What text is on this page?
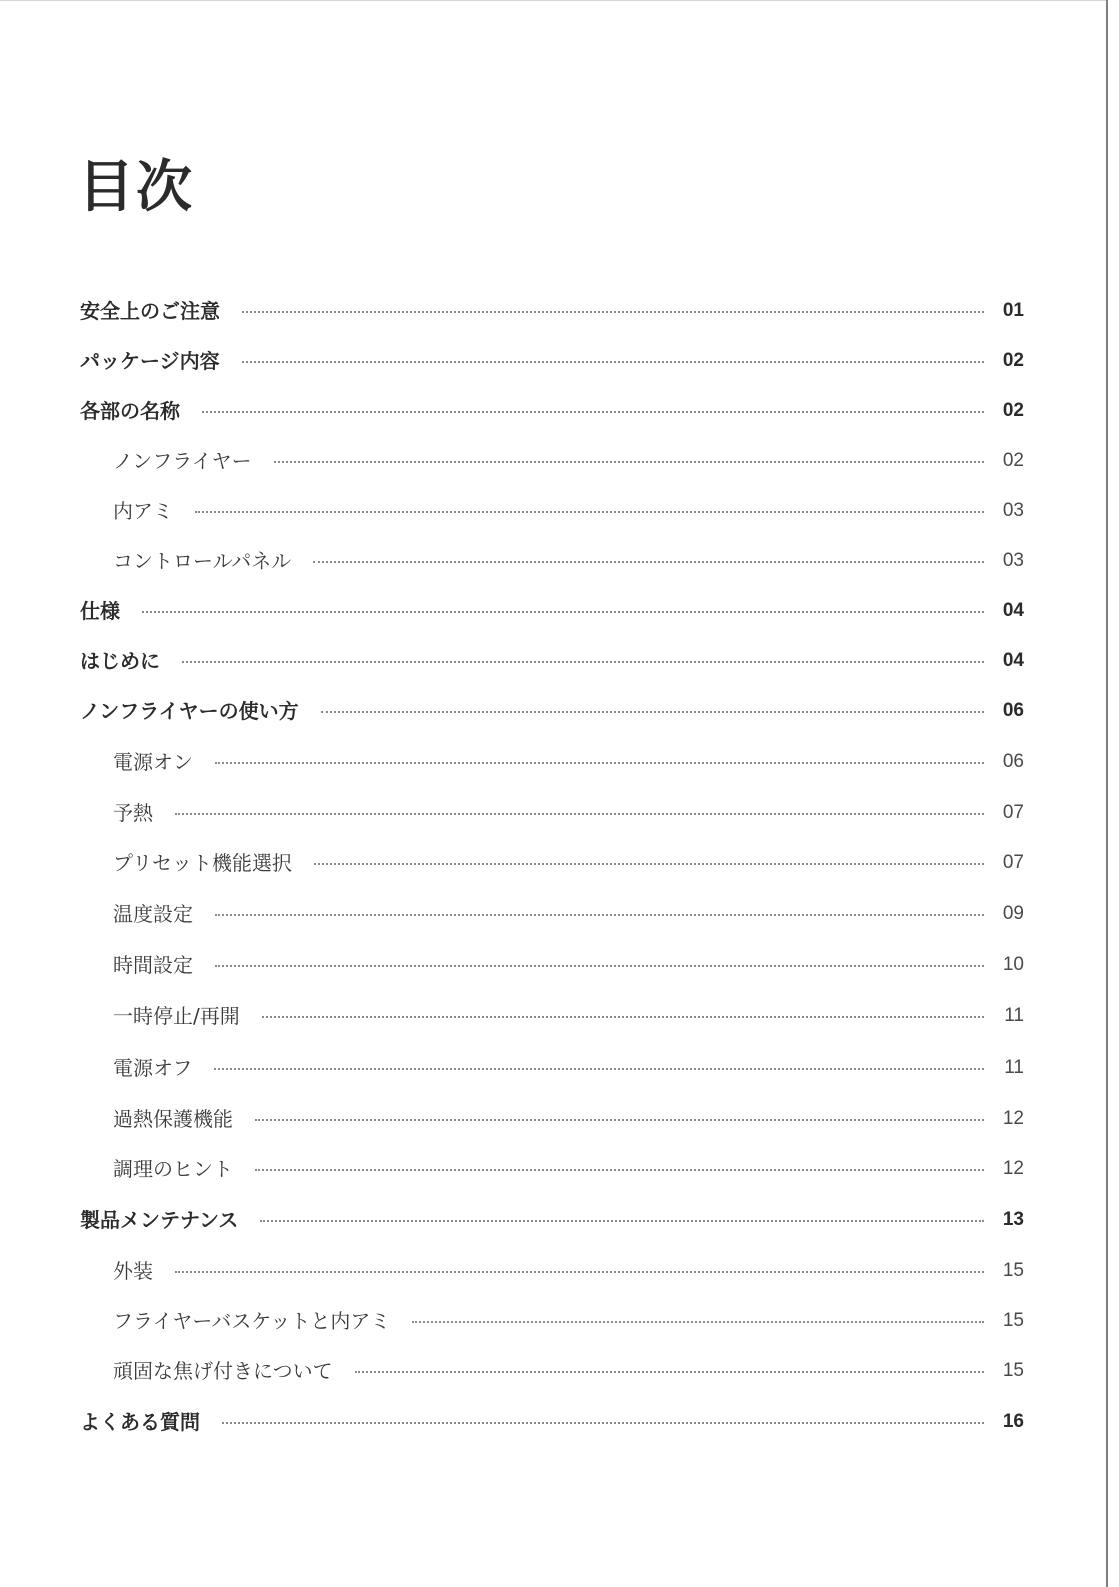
目次
安全上のご注意	01
パッケージ内容	02
各部の名称	02
ノンフライヤー	02
内アミ	03
コントロールパネル	03
仕様	04
はじめに	04
ノンフライヤーの使い方	06
電源オン	06
予熱	07
プリセット機能選択	07
温度設定	09
時間設定	10
一時停止/再開	11
電源オフ	11
過熱保護機能	12
調理のヒント	12
製品メンテナンス	13
外装	15
フライヤーバスケットと内アミ	15
頑固な焦げ付きについて	15
よくある質問	16
